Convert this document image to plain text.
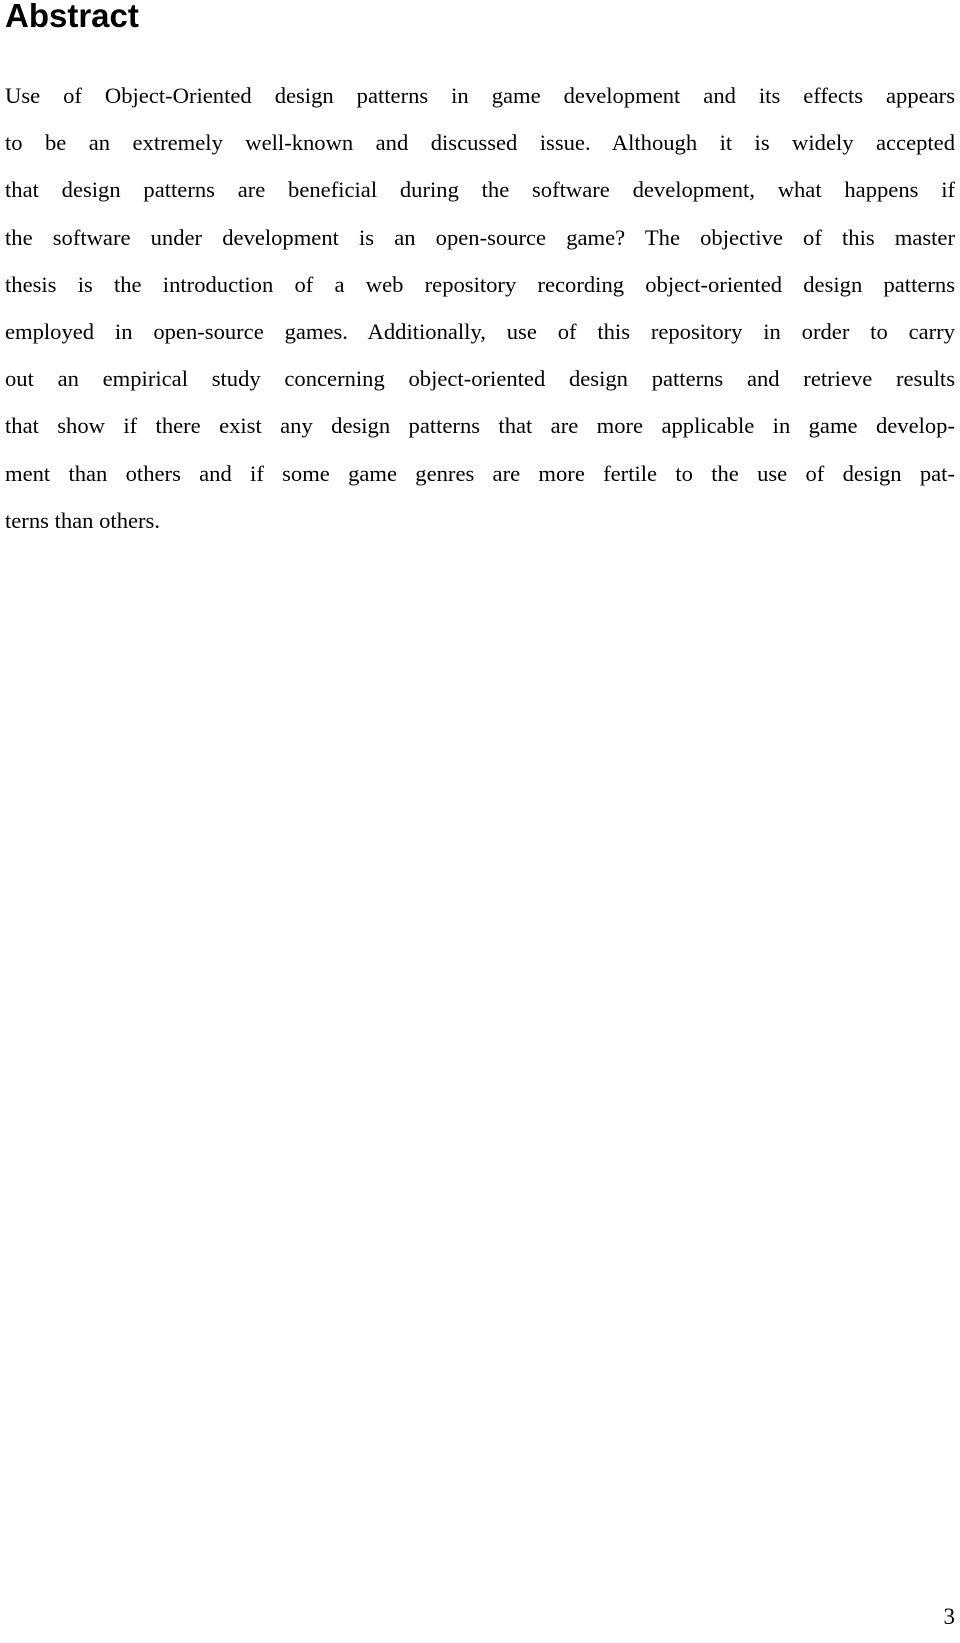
Abstract
Use of Object-Oriented design patterns in game development and its effects appears
to be an extremely well-known and discussed issue. Although it is widely accepted
that design patterns are beneficial during the software development, what happens if
the software under development is an open-source game? The objective of this master
thesis is the introduction of a web repository recording object-oriented design patterns
employed in open-source games. Additionally, use of this repository in order to carry
out an empirical study concerning object-oriented design patterns and retrieve results
that show if there exist any design patterns that are more applicable in game develop-
ment than others and if some game genres are more fertile to the use of design pat-
terns than others.
3
